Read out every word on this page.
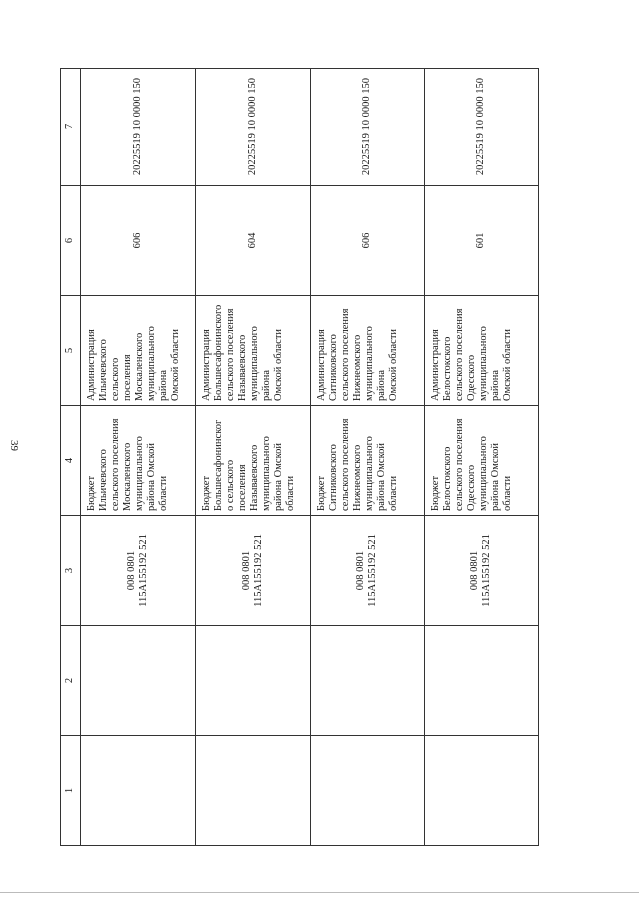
39
1
2
3
4
5
6
7
008 0801
115А155192 521
Бюджет
Ильичевского
сельского поселения
Москаленского
муниципального
района Омской
области
Администрация
Ильичевского сельского
поселения
Москаленского
муниципального района
Омской области
606
20225519 10 0000 150
008 0801
115А155192 521
Бюджет
Большесафонинског
о сельского
поселения
Называевского
муниципального
района Омской
области
Администрация
Большесафонинского
сельского поселения
Называевского
муниципального района
Омской области
604
20225519 10 0000 150
008 0801
115А155192 521
Бюджет
Ситниковского
сельского поселения
Нижнеомского
муниципального
района Омской
области
Администрация
Ситниковского
сельского поселения
Нижнеомского
муниципального района
Омской области
606
20225519 10 0000 150
008 0801
115А155192 521
Бюджет
Белостокского
сельского поселения
Одесского
муниципального
района Омской
области
Администрация
Белостокского
сельского поселения
Одесского
муниципального района
Омской области
601
20225519 10 0000 150
